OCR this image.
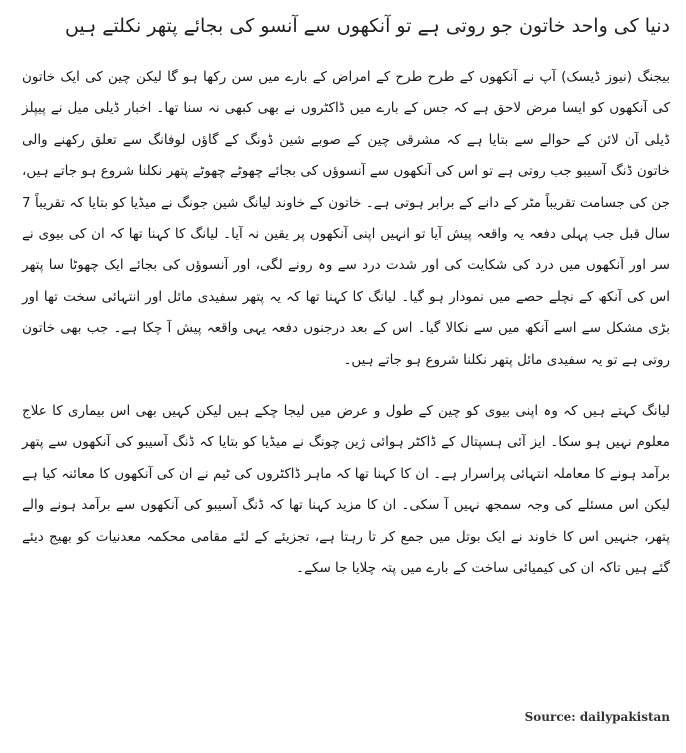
دنیا کی واحد خاتون جو روتی ہے تو آنکھوں سے آنسو کی بجائے پتھر نکلتے ہیں

بیجنگ (نیوز ڈیسک) آپ نے آنکھوں کے طرح طرح کے امراض کے بارے میں سن رکھا ہو گا لیکن چین کی ایک خاتون کی آنکھوں کو ایسا مرض لاحق ہے کہ جس کے بارے میں ڈاکٹروں نے بھی کبھی نہ سنا تھا۔ اخبار ڈیلی میل نے پیپلز ڈیلی آن لائن کے حوالے سے بتایا ہے کہ مشرقی چین کے صوبے شین ڈونگ کے گاؤں لوفانگ سے تعلق رکھنے والی خاتون ڈنگ آسیبو جب روتی ہے تو اس کی آنکھوں سے آنسوؤں کی بجائے چھوٹے چھوٹے پتھر نکلنا شروع ہو جاتے ہیں، جن کی جسامت تقریباً مٹر کے دانے کے برابر ہوتی ہے۔ خاتون کے خاوند لیانگ شین جونگ نے میڈیا کو بتایا کہ تقریباً 7 سال قبل جب پہلی دفعہ یہ واقعہ پیش آیا تو انہیں اپنی آنکھوں پر یقین نہ آیا۔ لیانگ کا کہنا تھا کہ ان کی بیوی نے سر اور آنکھوں میں درد کی شکایت کی اور شدت درد سے وہ رونے لگی، اور آنسوؤں کی بجائے ایک چھوٹا سا پتھر اس کی آنکھ کے نچلے حصے میں نمودار ہو گیا۔ لیانگ کا کہنا تھا کہ یہ پتھر سفیدی مائل اور انتہائی سخت تھا اور بڑی مشکل سے اسے آنکھ میں سے نکالا گیا۔ اس کے بعد درجنوں دفعہ یہی واقعہ پیش آ چکا ہے۔ جب بھی خاتون روتی ہے تو یہ سفیدی مائل پتھر نکلنا شروع ہو جاتے ہیں۔

لیانگ کہتے ہیں کہ وہ اپنی بیوی کو چین کے طول و عرض میں لیجا چکے ہیں لیکن کہیں بھی اس بیماری کا علاج معلوم نہیں ہو سکا۔ ایز آئی ہسپتال کے ڈاکٹر ہوائی ژین چونگ نے میڈیا کو بتایا کہ ڈنگ آسیبو کی آنکھوں سے پتھر برآمد ہونے کا معاملہ انتہائی پراسرار ہے۔ ان کا کہنا تھا کہ ماہر ڈاکٹروں کی ٹیم نے ان کی آنکھوں کا معائنہ کیا ہے لیکن اس مسئلے کی وجہ سمجھ نہیں آ سکی۔ ان کا مزید کہنا تھا کہ ڈنگ آسیبو کی آنکھوں سے برآمد ہونے والے پتھر، جنہیں اس کا خاوند نے ایک بوتل میں جمع کر تا رہتا ہے، تجزیئے کے لئے مقامی محکمہ معدنیات کو بھیج دیئے گئے ہیں تاکہ ان کی کیمیائی ساخت کے بارے میں پتہ چلایا جا سکے۔

Source: dailypakistan
